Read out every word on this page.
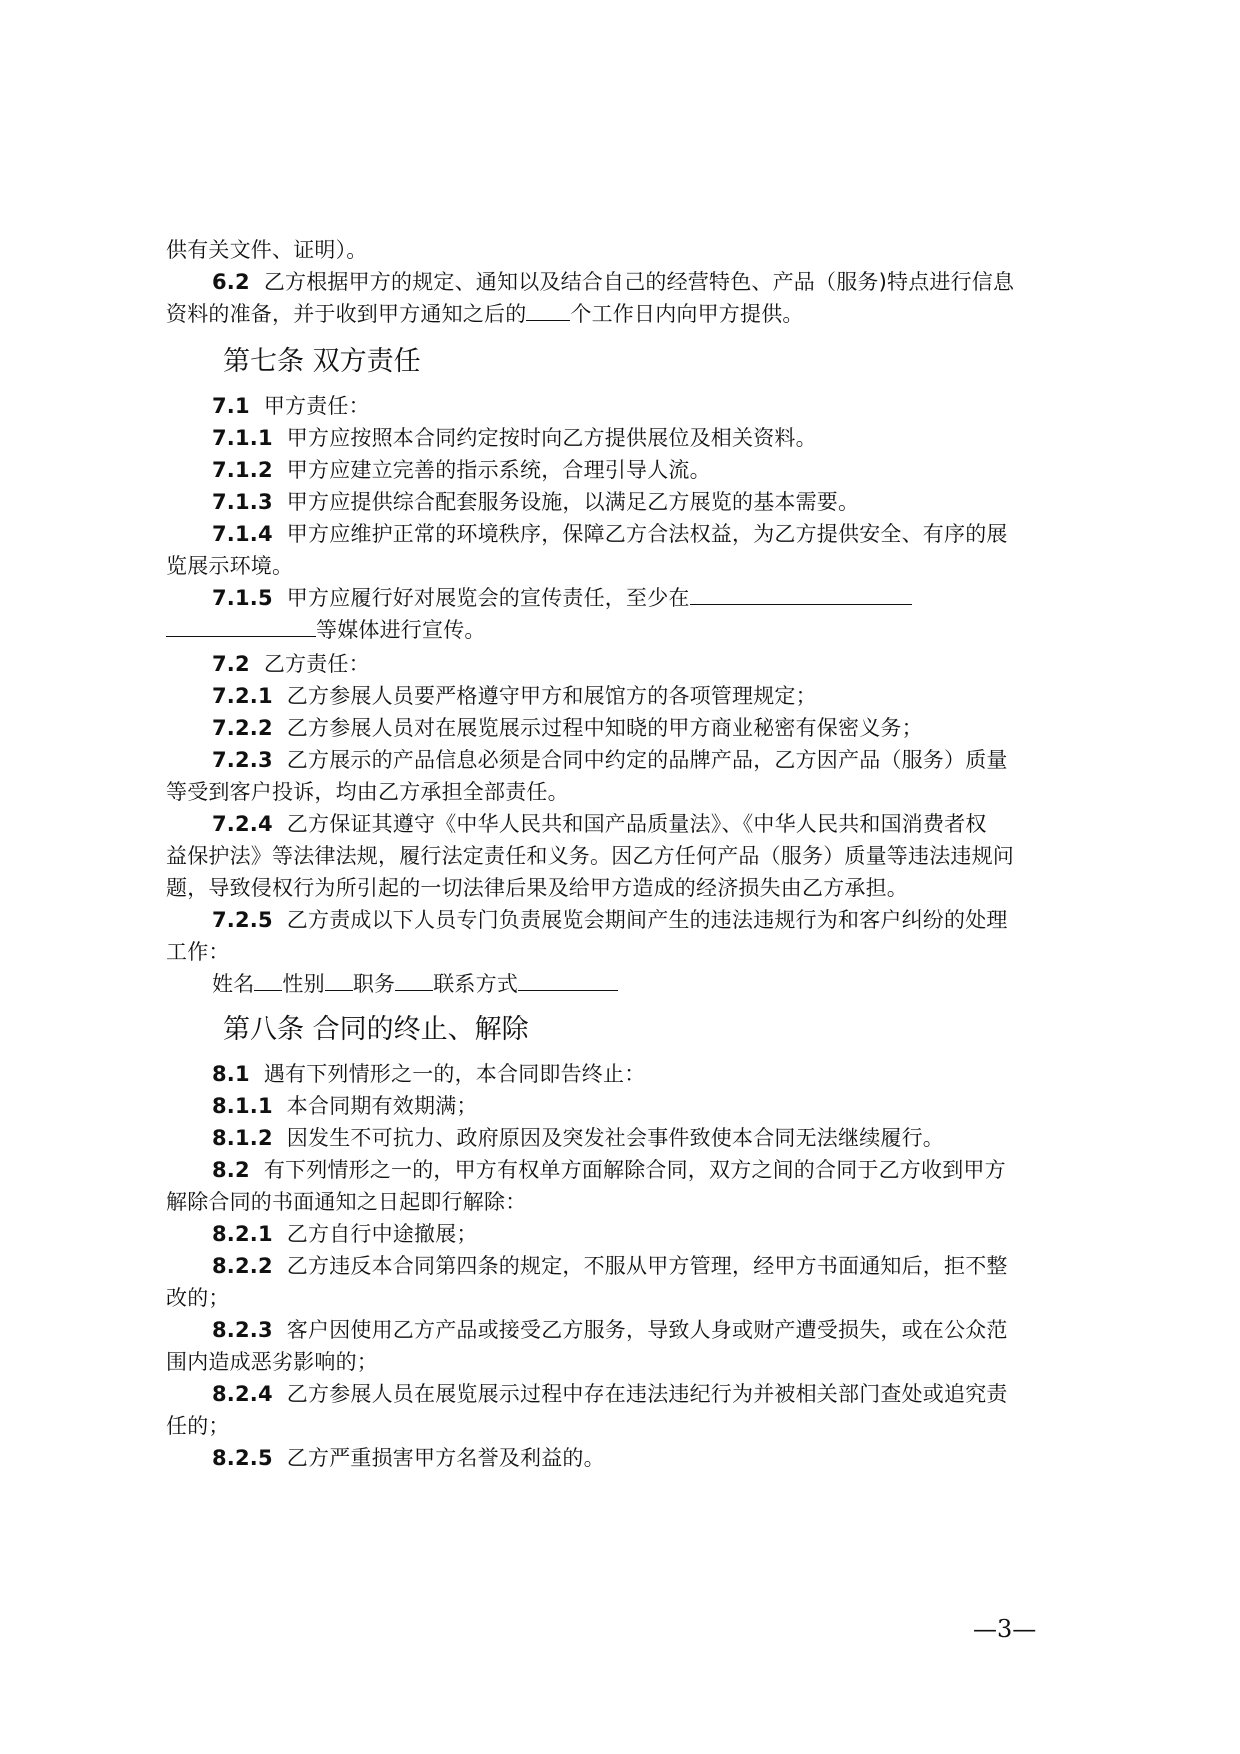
供有关文件、证明）。
6.2 乙方根据甲方的规定、通知以及结合自己的经营特色、产品（服务)特点进行信息
资料的准备，并于收到甲方通知之后的 个工作日内向甲方提供。
第七条 双方责任
7.1 甲方责任：
7.1.1 甲方应按照本合同约定按时向乙方提供展位及相关资料。
7.1.2 甲方应建立完善的指示系统，合理引导人流。
7.1.3 甲方应提供综合配套服务设施，以满足乙方展览的基本需要。
7.1.4 甲方应维护正常的环境秩序，保障乙方合法权益，为乙方提供安全、有序的展
览展示环境。
7.1.5 甲方应履行好对展览会的宣传责任，至少在
等媒体进行宣传。
7.2 乙方责任：
7.2.1 乙方参展人员要严格遵守甲方和展馆方的各项管理规定；
7.2.2 乙方参展人员对在展览展示过程中知晓的甲方商业秘密有保密义务；
7.2.3 乙方展示的产品信息必须是合同中约定的品牌产品，乙方因产品（服务）质量
等受到客户投诉，均由乙方承担全部责任。
7.2.4 乙方保证其遵守《中华人民共和国产品质量法》、《中华人民共和国消费者权
益保护法》等法律法规，履行法定责任和义务。因乙方任何产品（服务）质量等违法违规问
题，导致侵权行为所引起的一切法律后果及给甲方造成的经济损失由乙方承担。
7.2.5 乙方责成以下人员专门负责展览会期间产生的违法违规行为和客户纠纷的处理
工作：
姓名 性别 职务 联系方式
第八条 合同的终止、解除
8.1 遇有下列情形之一的，本合同即告终止：
8.1.1 本合同期有效期满；
8.1.2 因发生不可抗力、政府原因及突发社会事件致使本合同无法继续履行。
8.2 有下列情形之一的，甲方有权单方面解除合同，双方之间的合同于乙方收到甲方
解除合同的书面通知之日起即行解除：
8.2.1 乙方自行中途撤展；
8.2.2 乙方违反本合同第四条的规定，不服从甲方管理，经甲方书面通知后，拒不整
改的；
8.2.3 客户因使用乙方产品或接受乙方服务，导致人身或财产遭受损失，或在公众范
围内造成恶劣影响的；
8.2.4 乙方参展人员在展览展示过程中存在违法违纪行为并被相关部门查处或追究责
任的；
8.2.5 乙方严重损害甲方名誉及利益的。
—3—
